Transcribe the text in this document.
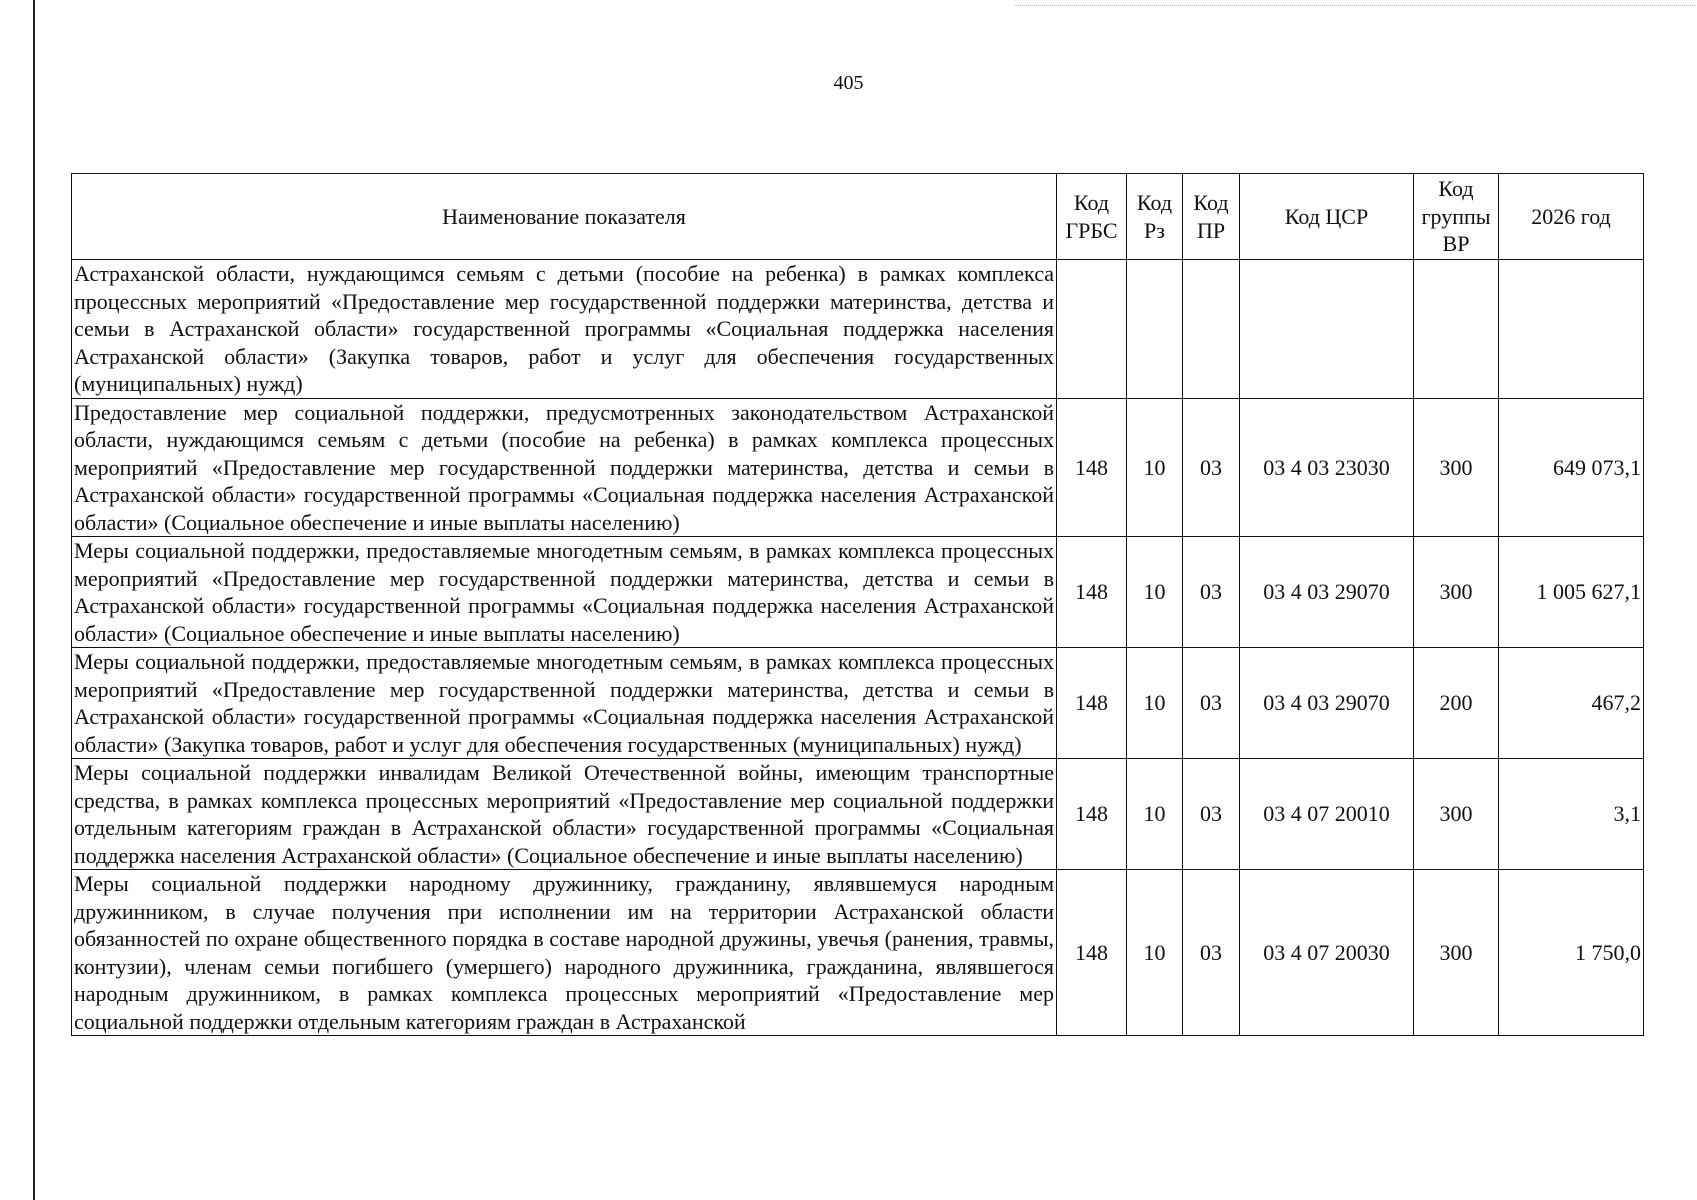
405
Наименование показателя	Код ГРБС	Код Рз	Код ПР	Код ЦСР	Код группы ВР	2026 год
Астраханской области, нуждающимся семьям с детьми (пособие на ребенка) в рамках комплекса процессных мероприятий «Предоставление мер государственной поддержки материнства, детства и семьи в Астраханской области» государственной программы «Социальная поддержка населения Астраханской области» (Закупка товаров, работ и услуг для обеспечения государственных (муниципальных) нужд)						
Предоставление мер социальной поддержки, предусмотренных законодательством Астраханской области, нуждающимся семьям с детьми (пособие на ребенка) в рамках комплекса процессных мероприятий «Предоставление мер государственной поддержки материнства, детства и семьи в Астраханской области» государственной программы «Социальная поддержка населения Астраханской области» (Социальное обеспечение и иные выплаты населению)	148	10	03	03 4 03 23030	300	649 073,1
Меры социальной поддержки, предоставляемые многодетным семьям, в рамках комплекса процессных мероприятий «Предоставление мер государственной поддержки материнства, детства и семьи в Астраханской области» государственной программы «Социальная поддержка населения Астраханской области» (Социальное обеспечение и иные выплаты населению)	148	10	03	03 4 03 29070	300	1 005 627,1
Меры социальной поддержки, предоставляемые многодетным семьям, в рамках комплекса процессных мероприятий «Предоставление мер государственной поддержки материнства, детства и семьи в Астраханской области» государственной программы «Социальная поддержка населения Астраханской области» (Закупка товаров, работ и услуг для обеспечения государственных (муниципальных) нужд)	148	10	03	03 4 03 29070	200	467,2
Меры социальной поддержки инвалидам Великой Отечественной войны, имеющим транспортные средства, в рамках комплекса процессных мероприятий «Предоставление мер социальной поддержки отдельным категориям граждан в Астраханской области» государственной программы «Социальная поддержка населения Астраханской области» (Социальное обеспечение и иные выплаты населению)	148	10	03	03 4 07 20010	300	3,1
Меры социальной поддержки народному дружиннику, гражданину, являвшемуся народным дружинником, в случае получения при исполнении им на территории Астраханской области обязанностей по охране общественного порядка в составе народной дружины, увечья (ранения, травмы, контузии), членам семьи погибшего (умершего) народного дружинника, гражданина, являвшегося народным дружинником, в рамках комплекса процессных мероприятий «Предоставление мер социальной поддержки отдельным категориям граждан в Астраханской	148	10	03	03 4 07 20030	300	1 750,0
